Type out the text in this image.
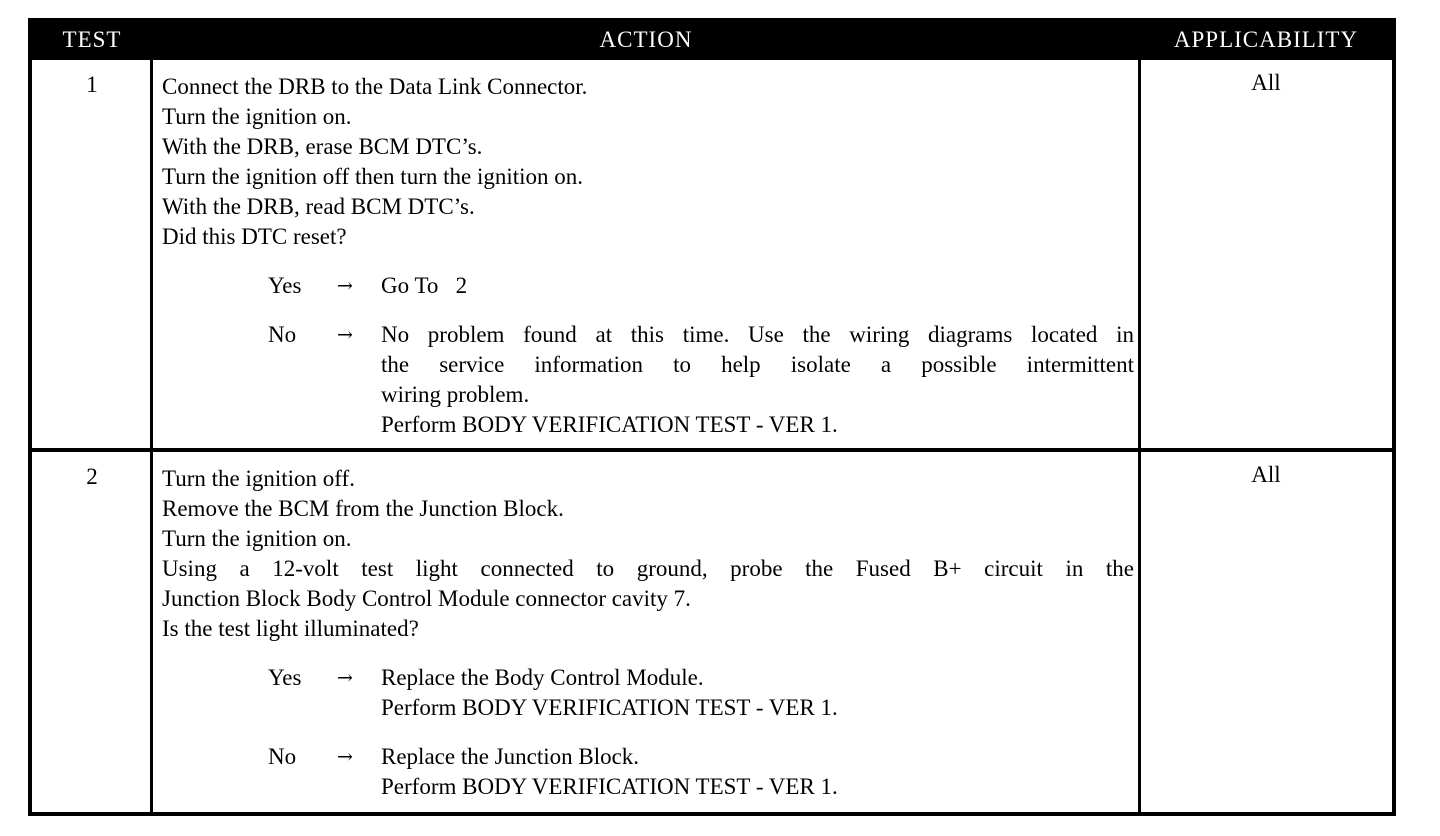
TEST	ACTION	APPLICABILITY
1	Connect the DRB to the Data Link Connector.
Turn the ignition on.
With the DRB, erase BCM DTC’s.
Turn the ignition off then turn the ignition on.
With the DRB, read BCM DTC’s.
Did this DTC reset?
Yes	→	Go To   2
No	→	No problem found at this time. Use the wiring diagrams located in
the service information to help isolate a possible intermittent
wiring problem.
Perform BODY VERIFICATION TEST - VER 1.
All
2	Turn the ignition off.
Remove the BCM from the Junction Block.
Turn the ignition on.
Using a 12-volt test light connected to ground, probe the Fused B+ circuit in the
Junction Block Body Control Module connector cavity 7.
Is the test light illuminated?
Yes	→	Replace the Body Control Module.
Perform BODY VERIFICATION TEST - VER 1.
No	→	Replace the Junction Block.
Perform BODY VERIFICATION TEST - VER 1.
All
